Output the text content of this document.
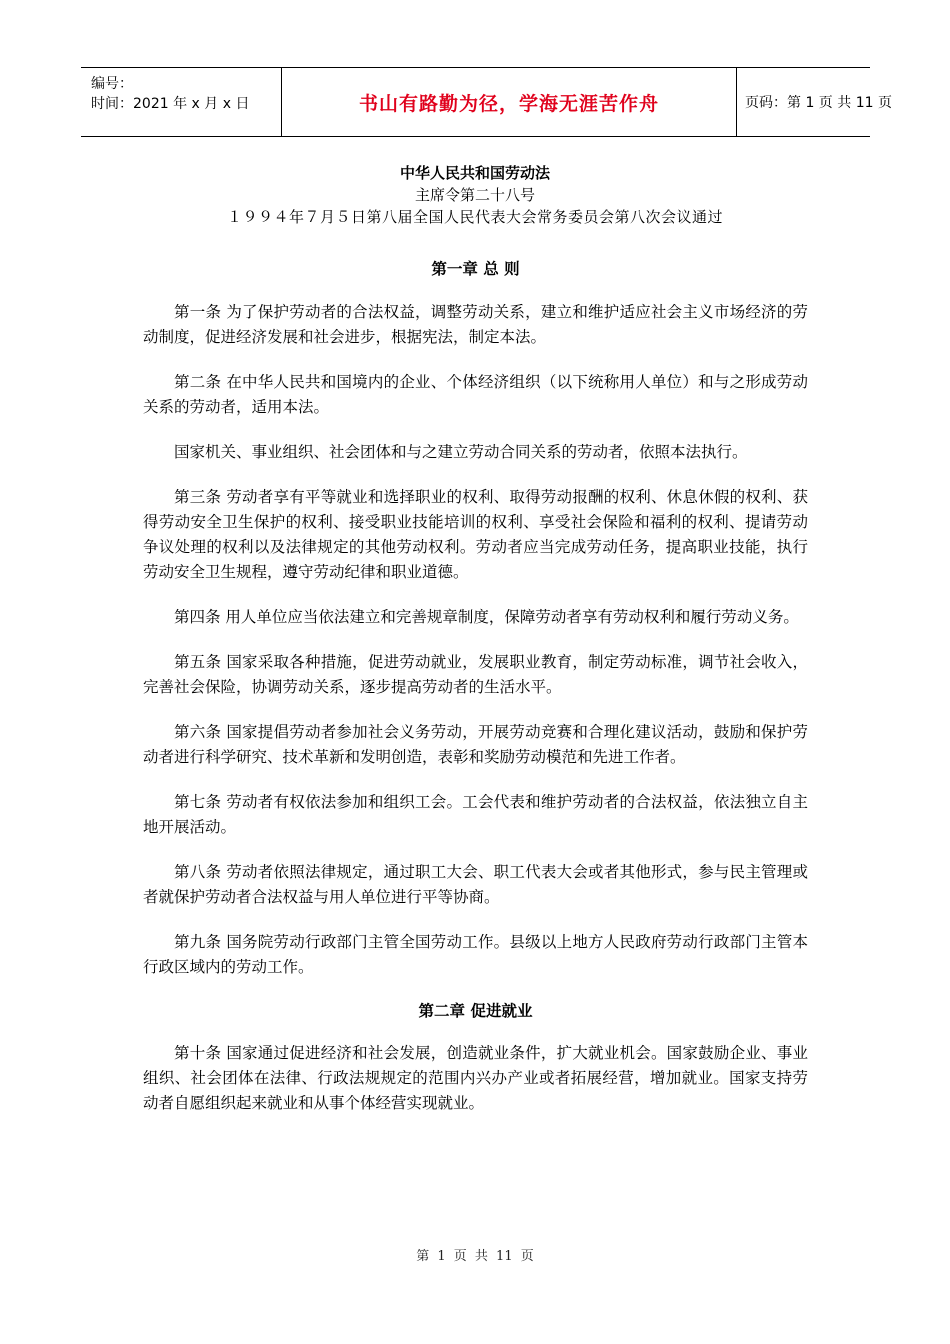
编号：
时间：2021 年 x 月 x 日	书山有路勤为径，学海无涯苦作舟	页码：第 1 页 共 11 页
中华人民共和国劳动法
主席令第二十八号
１９９４年７月５日第八届全国人民代表大会常务委员会第八次会议通过
第一章 总 则

第一条 为了保护劳动者的合法权益，调整劳动关系，建立和维护适应社会主义市场经济的劳动制度，促进经济发展和社会进步，根据宪法，制定本法。

第二条 在中华人民共和国境内的企业、个体经济组织（以下统称用人单位）和与之形成劳动关系的劳动者，适用本法。

国家机关、事业组织、社会团体和与之建立劳动合同关系的劳动者，依照本法执行。

第三条 劳动者享有平等就业和选择职业的权利、取得劳动报酬的权利、休息休假的权利、获得劳动安全卫生保护的权利、接受职业技能培训的权利、享受社会保险和福利的权利、提请劳动争议处理的权利以及法律规定的其他劳动权利。劳动者应当完成劳动任务，提高职业技能，执行劳动安全卫生规程，遵守劳动纪律和职业道德。

第四条 用人单位应当依法建立和完善规章制度，保障劳动者享有劳动权利和履行劳动义务。

第五条 国家采取各种措施，促进劳动就业，发展职业教育，制定劳动标准，调节社会收入，完善社会保险，协调劳动关系，逐步提高劳动者的生活水平。

第六条 国家提倡劳动者参加社会义务劳动，开展劳动竞赛和合理化建议活动，鼓励和保护劳动者进行科学研究、技术革新和发明创造，表彰和奖励劳动模范和先进工作者。

第七条 劳动者有权依法参加和组织工会。工会代表和维护劳动者的合法权益，依法独立自主地开展活动。

第八条 劳动者依照法律规定，通过职工大会、职工代表大会或者其他形式，参与民主管理或者就保护劳动者合法权益与用人单位进行平等协商。

第九条 国务院劳动行政部门主管全国劳动工作。县级以上地方人民政府劳动行政部门主管本行政区域内的劳动工作。

第二章 促进就业

第十条 国家通过促进经济和社会发展，创造就业条件，扩大就业机会。国家鼓励企业、事业组织、社会团体在法律、行政法规规定的范围内兴办产业或者拓展经营，增加就业。国家支持劳动者自愿组织起来就业和从事个体经营实现就业。

第 1 页 共 11 页
